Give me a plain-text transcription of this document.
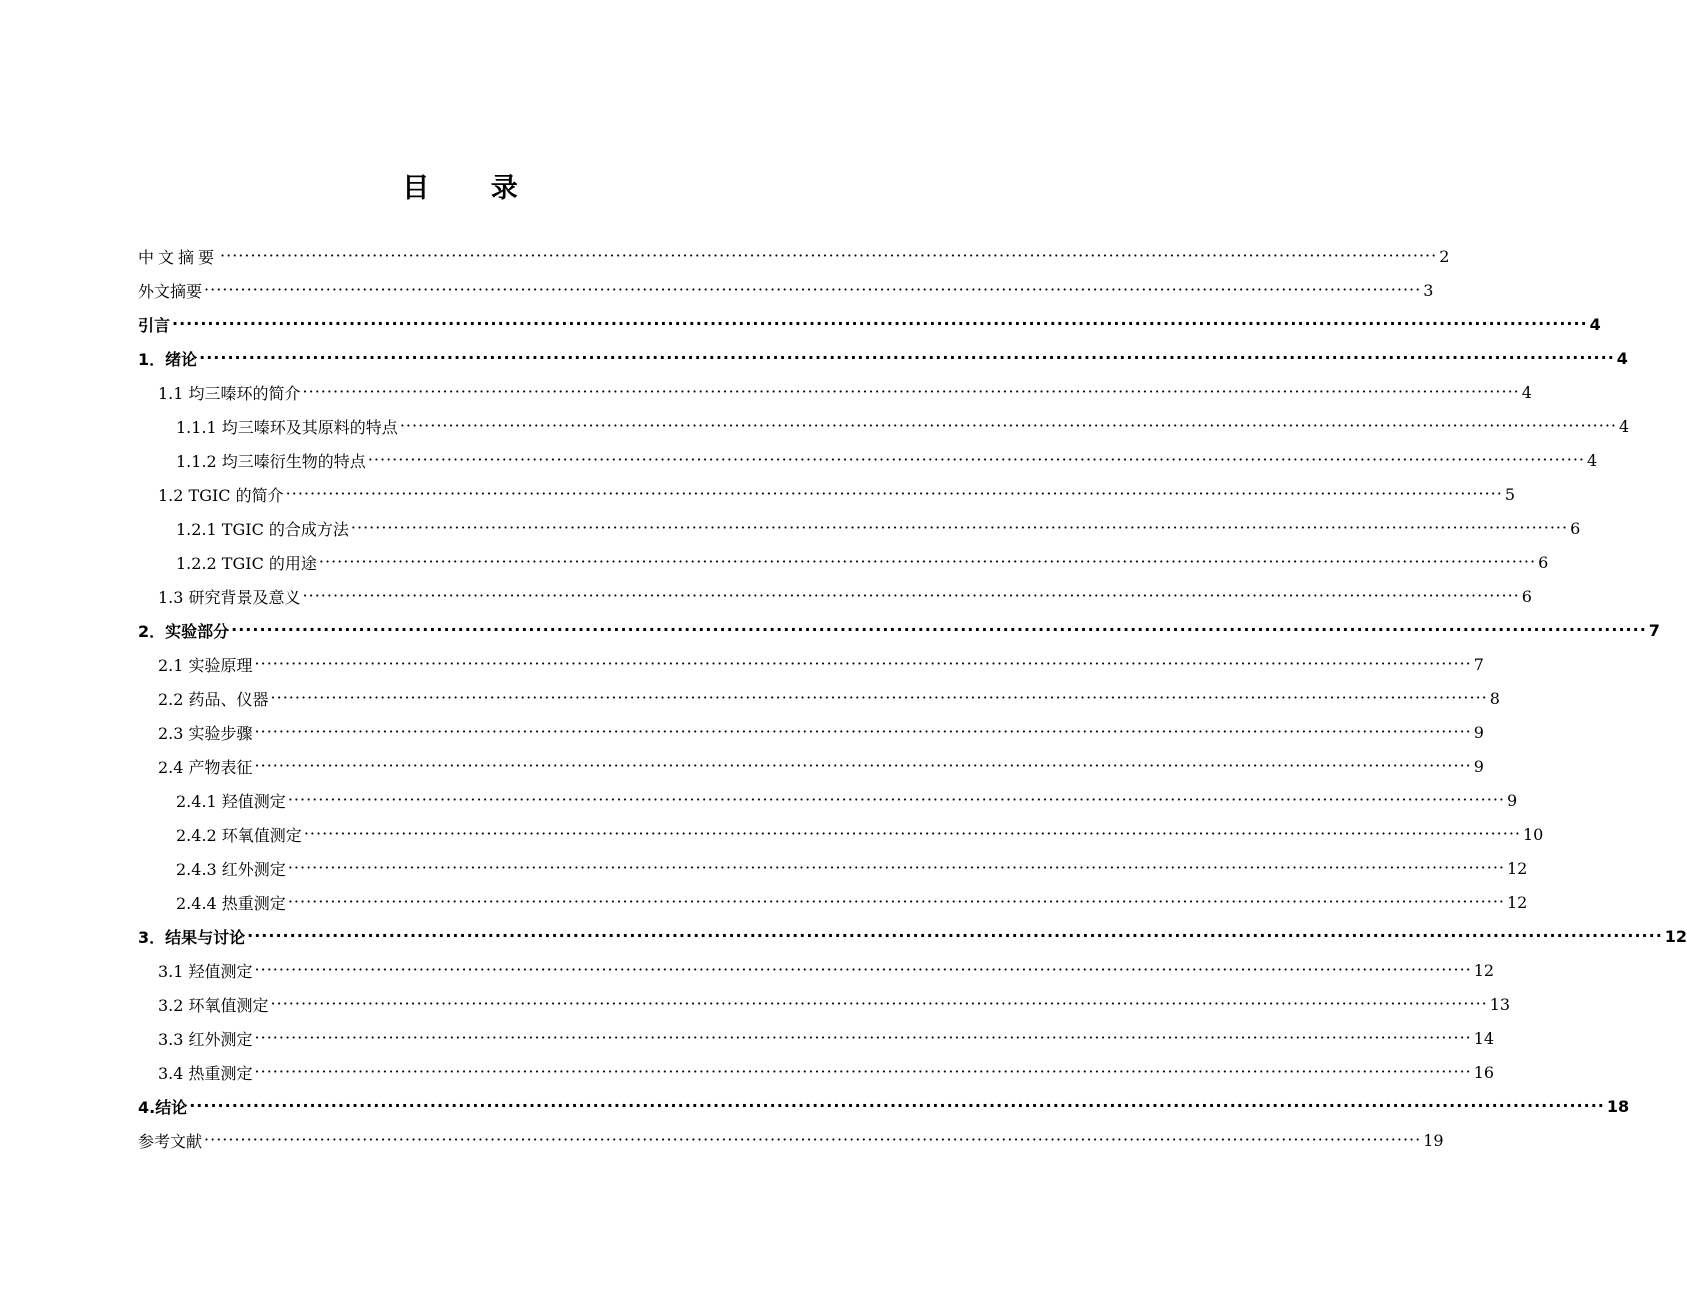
目 录
中文摘要 ········································································································································································································ 2
外文摘要 ········································································································································································································ 3
引言 ········································································································································································································ 4
1．绪论 ········································································································································································································ 4
1.1 均三嗪环的简介 ········································································································································································································ 4
1.1.1 均三嗪环及其原料的特点 ········································································································································································································ 4
1.1.2 均三嗪衍生物的特点 ········································································································································································································ 4
1.2 TGIC 的简介 ········································································································································································································ 5
1.2.1 TGIC 的合成方法 ········································································································································································································ 6
1.2.2 TGIC 的用途 ········································································································································································································ 6
1.3 研究背景及意义 ········································································································································································································ 6
2．实验部分 ········································································································································································································ 7
2.1 实验原理 ········································································································································································································ 7
2.2 药品、仪器 ········································································································································································································ 8
2.3 实验步骤 ········································································································································································································ 9
2.4 产物表征 ········································································································································································································ 9
2.4.1 羟值测定 ········································································································································································································ 9
2.4.2 环氧值测定 ········································································································································································································ 10
2.4.3 红外测定 ········································································································································································································ 12
2.4.4 热重测定 ········································································································································································································ 12
3．结果与讨论 ········································································································································································································ 12
3.1 羟值测定 ········································································································································································································ 12
3.2 环氧值测定 ········································································································································································································ 13
3.3 红外测定 ········································································································································································································ 14
3.4 热重测定 ········································································································································································································ 16
4.结论 ········································································································································································································ 18
参考文献 ········································································································································································································ 19
